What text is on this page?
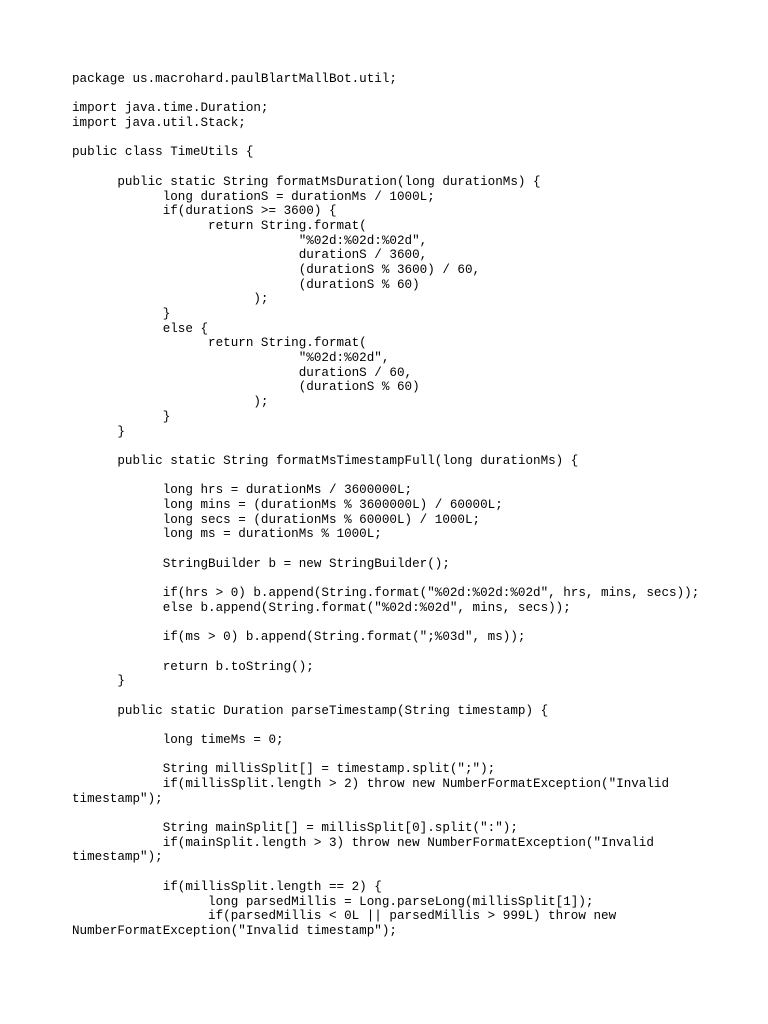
package us.macrohard.paulBlartMallBot.util;
import java.time.Duration;
import java.util.Stack;
public class TimeUtils {
public static String formatMsDuration(long durationMs) {
long durationS = durationMs / 1000L;
if(durationS >= 3600) {
return String.format(
"%02d:%02d:%02d",
durationS / 3600,
(durationS % 3600) / 60,
(durationS % 60)
);
}
else {
return String.format(
"%02d:%02d",
durationS / 60,
(durationS % 60)
);
}
}
public static String formatMsTimestampFull(long durationMs) {
long hrs = durationMs / 3600000L;
long mins = (durationMs % 3600000L) / 60000L;
long secs = (durationMs % 60000L) / 1000L;
long ms = durationMs % 1000L;
StringBuilder b = new StringBuilder();
if(hrs > 0) b.append(String.format("%02d:%02d:%02d", hrs, mins, secs));
else b.append(String.format("%02d:%02d", mins, secs));
if(ms > 0) b.append(String.format(";%03d", ms));
return b.toString();
}
public static Duration parseTimestamp(String timestamp) {
long timeMs = 0;
String millisSplit[] = timestamp.split(";");
if(millisSplit.length > 2) throw new NumberFormatException("Invalid
timestamp");
String mainSplit[] = millisSplit[0].split(":");
if(mainSplit.length > 3) throw new NumberFormatException("Invalid
timestamp");
if(millisSplit.length == 2) {
long parsedMillis = Long.parseLong(millisSplit[1]);
if(parsedMillis < 0L || parsedMillis > 999L) throw new
NumberFormatException("Invalid timestamp");
